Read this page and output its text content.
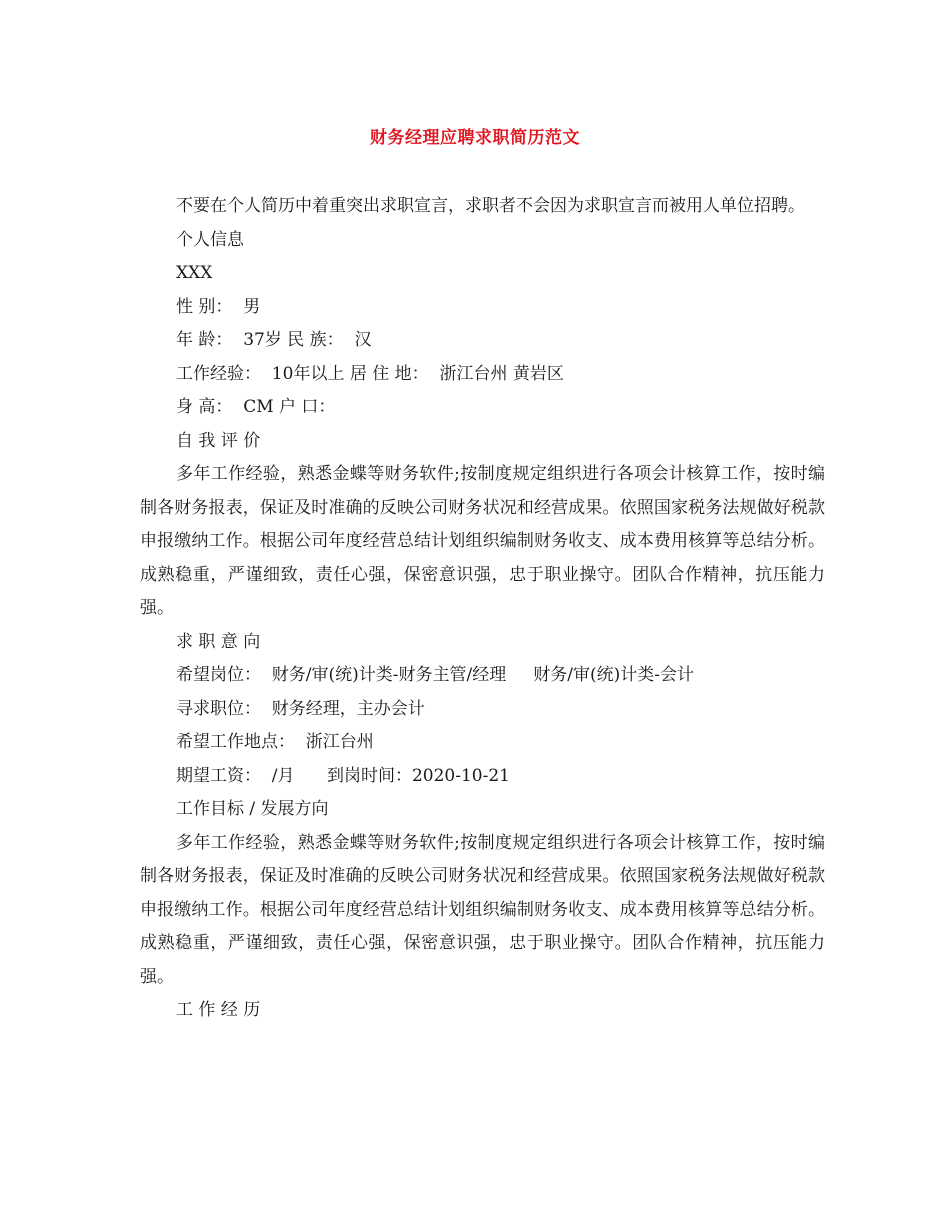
财务经理应聘求职简历范文

不要在个人简历中着重突出求职宣言，求职者不会因为求职宣言而被用人单位招聘。

个人信息

XXX

性 别：  男

年 龄：  37岁 民 族：  汉

工作经验：  10年以上 居 住 地：  浙江台州 黄岩区

身 高：  CM 户 口：

自 我 评 价

多年工作经验，熟悉金蝶等财务软件;按制度规定组织进行各项会计核算工作，按时编制各财务报表，保证及时准确的反映公司财务状况和经营成果。依照国家税务法规做好税款申报缴纳工作。根据公司年度经营总结计划组织编制财务收支、成本费用核算等总结分析。成熟稳重，严谨细致，责任心强，保密意识强，忠于职业操守。团队合作精神，抗压能力强。

求 职 意 向

希望岗位：  财务/审(统)计类-财务主管/经理     财务/审(统)计类-会计

寻求职位：  财务经理，主办会计

希望工作地点：  浙江台州

期望工资：  /月      到岗时间：2020-10-21

工作目标 / 发展方向

多年工作经验，熟悉金蝶等财务软件;按制度规定组织进行各项会计核算工作，按时编制各财务报表，保证及时准确的反映公司财务状况和经营成果。依照国家税务法规做好税款申报缴纳工作。根据公司年度经营总结计划组织编制财务收支、成本费用核算等总结分析。成熟稳重，严谨细致，责任心强，保密意识强，忠于职业操守。团队合作精神，抗压能力强。

工 作 经 历
